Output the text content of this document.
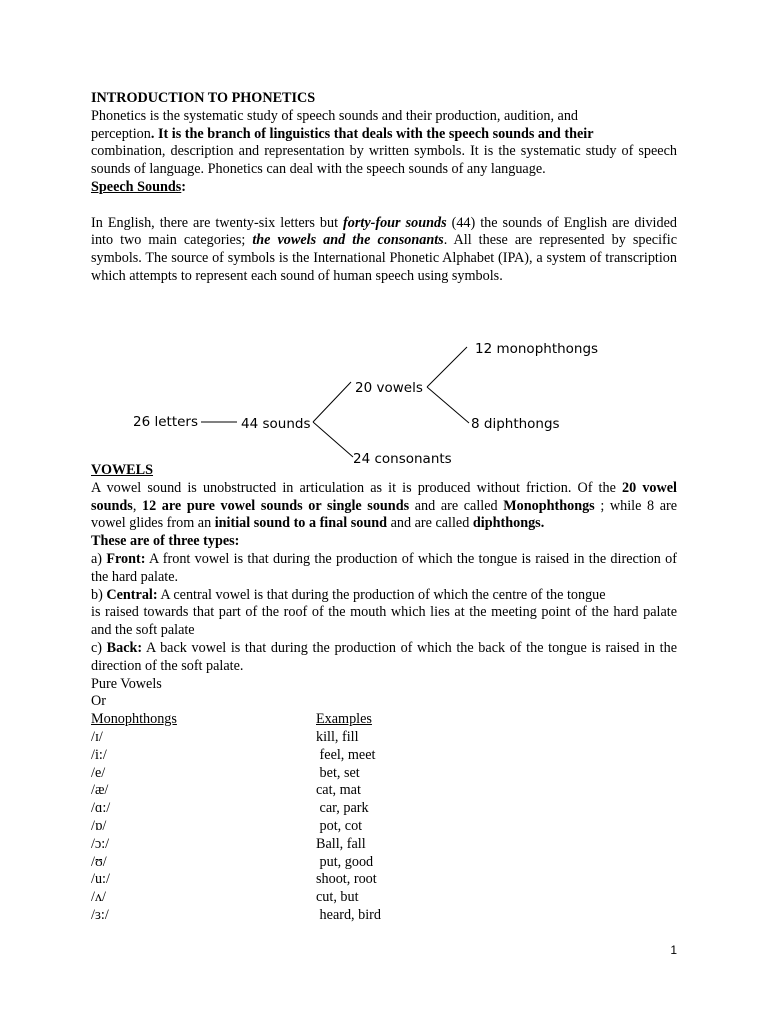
INTRODUCTION TO PHONETICS

Phonetics is the systematic study of speech sounds and their production, audition, and

perception. It is the branch of linguistics that deals with the speech sounds and their

combination, description and representation by written symbols. It is the systematic study of speech sounds of language. Phonetics can deal with the speech sounds of any language.

Speech Sounds:

In English, there are twenty-six letters but forty-four sounds (44) the sounds of English are divided into two main categories; the vowels and the consonants. All these are represented by specific symbols. The source of symbols is the International Phonetic Alphabet (IPA), a system of transcription which attempts to represent each sound of human speech using symbols.

26 letters	44 sounds
20 vowels
24 consonants
12 monophthongs
8 diphthongs

VOWELS

A vowel sound is unobstructed in articulation as it is produced without friction. Of the 20 vowel sounds, 12 are pure vowel sounds or single sounds and are called Monophthongs ; while 8 are vowel glides from an initial sound to a final sound and are called diphthongs.

These are of three types:

a) Front: A front vowel is that during the production of which the tongue is raised in the direction of the hard palate.

b) Central: A central vowel is that during the production of which the centre of the tongue

is raised towards that part of the roof of the mouth which lies at the meeting point of the hard palate and the soft palate

c) Back: A back vowel is that during the production of which the back of the tongue is raised in the direction of the soft palate.

Pure Vowels

Or

Monophthongs	Examples
/ɪ/	kill, fill
/i:/	feel, meet
/e/	bet, set
/æ/	cat, mat
/ɑ:/	car, park
/ɒ/	pot, cot
/ɔ:/	Ball, fall
/ʊ/	put, good
/u:/	shoot, root
/ʌ/	cut, but
/ɜ:/	heard, bird
1
